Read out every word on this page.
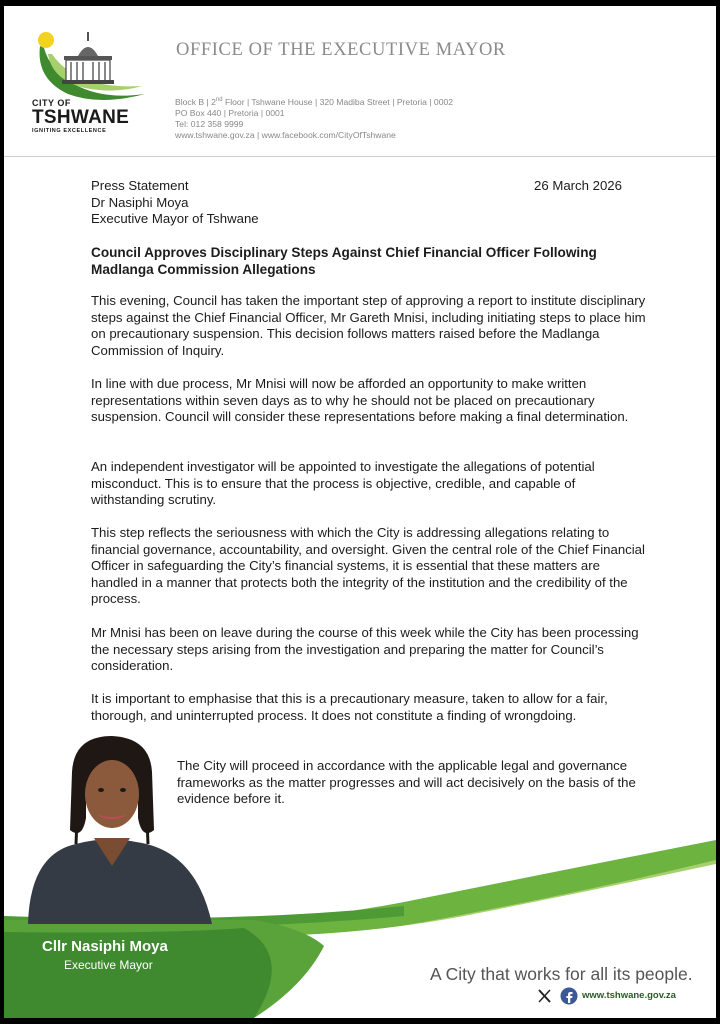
CITY OF
TSHWANE
IGNITING EXCELLENCE
OFFICE OF THE EXECUTIVE MAYOR
Block B | 2nd Floor | Tshwane House | 320 Madiba Street | Pretoria | 0002
PO Box 440 | Pretoria | 0001
Tel: 012 358 9999
www.tshwane.gov.za | www.facebook.com/CityOfTshwane
Press Statement
Dr Nasiphi Moya
Executive Mayor of Tshwane
26 March 2026
Council Approves Disciplinary Steps Against Chief Financial Officer Following Madlanga Commission Allegations
This evening, Council has taken the important step of approving a report to institute disciplinary steps against the Chief Financial Officer, Mr Gareth Mnisi, including initiating steps to place him on precautionary suspension. This decision follows matters raised before the Madlanga Commission of Inquiry.
In line with due process, Mr Mnisi will now be afforded an opportunity to make written representations within seven days as to why he should not be placed on precautionary suspension. Council will consider these representations before making a final determination.
An independent investigator will be appointed to investigate the allegations of potential misconduct. This is to ensure that the process is objective, credible, and capable of withstanding scrutiny.
This step reflects the seriousness with which the City is addressing allegations relating to financial governance, accountability, and oversight. Given the central role of the Chief Financial Officer in safeguarding the City’s financial systems, it is essential that these matters are handled in a manner that protects both the integrity of the institution and the credibility of the process.
Mr Mnisi has been on leave during the course of this week while the City has been processing the necessary steps arising from the investigation and preparing the matter for Council’s consideration.
It is important to emphasise that this is a precautionary measure, taken to allow for a fair, thorough, and uninterrupted process. It does not constitute a finding of wrongdoing.
The City will proceed in accordance with the applicable legal and governance frameworks as the matter progresses and will act decisively on the basis of the evidence before it.
Cllr Nasiphi Moya
Executive Mayor	A City that works for all its people.
www.tshwane.gov.za
